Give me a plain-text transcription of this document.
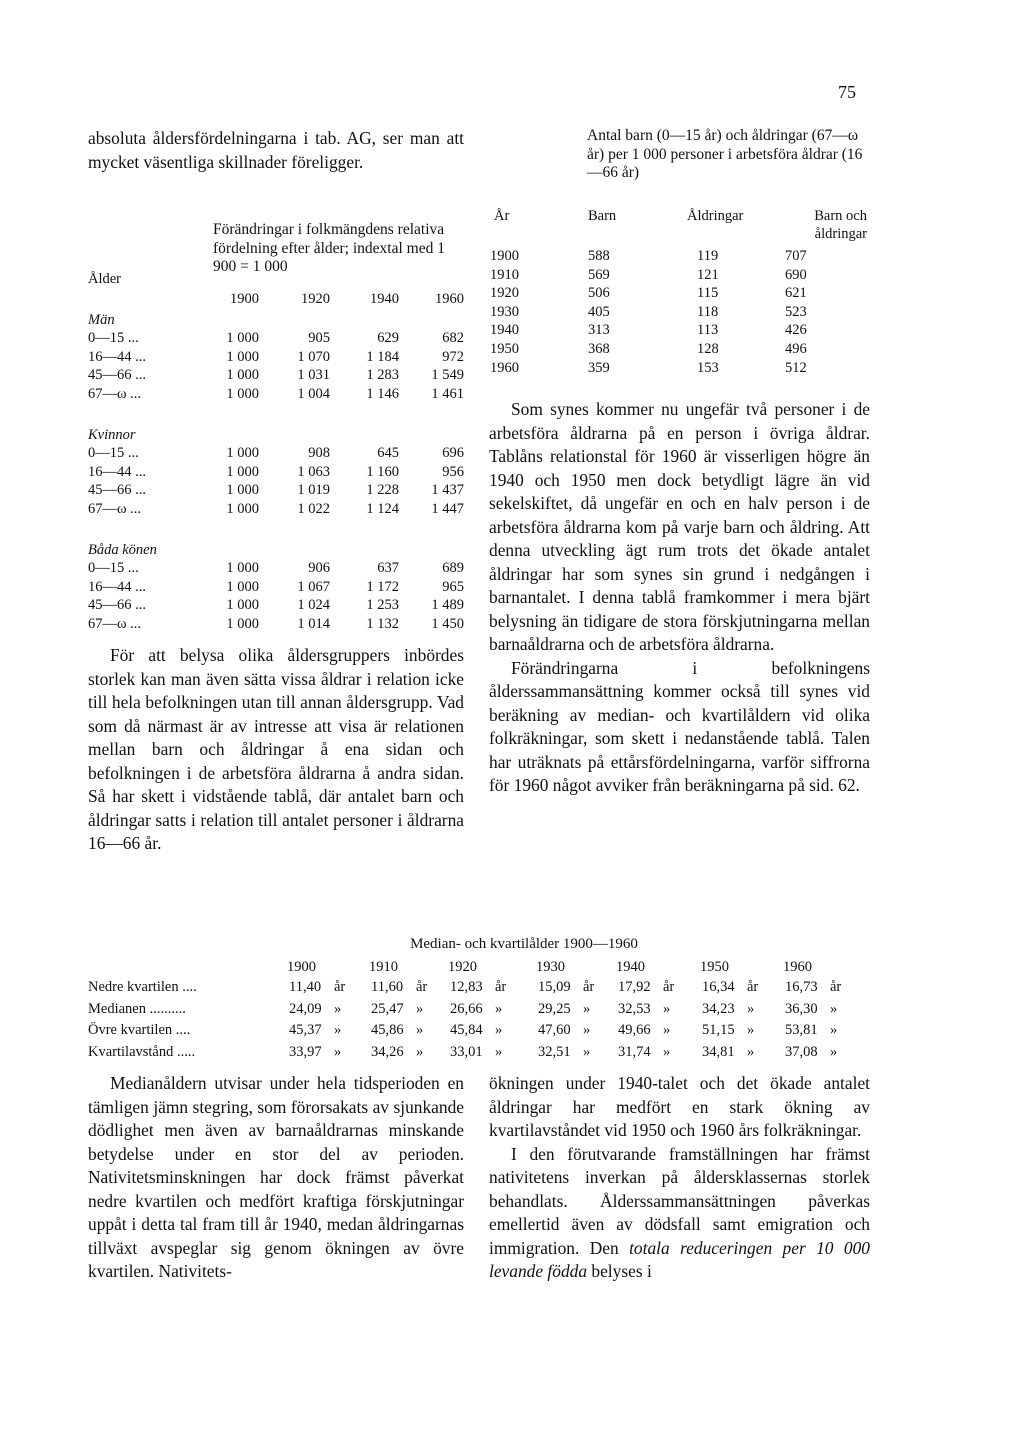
75

absoluta åldersfördelningarna i tab. AG, ser man att mycket väsentliga skillnader föreligger.

Förändringar i folkmängdens relativa fördelning efter ålder; indextal med 1 900 = 1 000
Ålder
1900	1920	1940	1960
Män
0—15 ...	1 000	905	629	682
16—44 ...	1 000	1 070	1 184	972
45—66 ...	1 000	1 031	1 283	1 549
67—ω ...	1 000	1 004	1 146	1 461
Kvinnor
0—15 ...	1 000	908	645	696
16—44 ...	1 000	1 063	1 160	956
45—66 ...	1 000	1 019	1 228	1 437
67—ω ...	1 000	1 022	1 124	1 447
Båda könen
0—15 ...	1 000	906	637	689
16—44 ...	1 000	1 067	1 172	965
45—66 ...	1 000	1 024	1 253	1 489
67—ω ...	1 000	1 014	1 132	1 450

För att belysa olika åldersgruppers inbördes storlek kan man även sätta vissa åldrar i relation icke till hela befolkningen utan till annan åldersgrupp. Vad som då närmast är av intresse att visa är relationen mellan barn och åldringar å ena sidan och befolkningen i de arbetsföra åldrarna å andra sidan. Så har skett i vidstående tablå, där antalet barn och åldringar satts i relation till antalet personer i åldrarna 16—66 år.

Antal barn (0—15 år) och åldringar (67—ω år) per 1 000 personer i arbetsföra åldrar (16—66 år)
År	Barn	Åldringar	Barn och åldringar
1900	588	119	707
1910	569	121	690
1920	506	115	621
1930	405	118	523
1940	313	113	426
1950	368	128	496
1960	359	153	512

Som synes kommer nu ungefär två personer i de arbetsföra åldrarna på en person i övriga åldrar. Tablåns relationstal för 1960 är visserligen högre än 1940 och 1950 men dock betydligt lägre än vid sekelskiftet, då ungefär en och en halv person i de arbetsföra åldrarna kom på varje barn och åldring. Att denna utveckling ägt rum trots det ökade antalet åldringar har som synes sin grund i nedgången i barnantalet. I denna tablå framkommer i mera bjärt belysning än tidigare de stora förskjutningarna mellan barnaåldrarna och de arbetsföra åldrarna.

Förändringarna i befolkningens ålderssammansättning kommer också till synes vid beräkning av median- och kvartilåldern vid olika folkräkningar, som skett i nedanstående tablå. Talen har uträknats på ettårsfördelningarna, varför siffrorna för 1960 något avviker från beräkningarna på sid. 62.

Median- och kvartilålder 1900—1960
1900	1910	1920	1930	1940	1950	1960
Nedre kvartilen ....	11,40 år 11,60 år 12,83 år 15,09 år 17,92 år 16,34 år 16,73 år
Medianen ..........	24,09 » 25,47 » 26,66 » 29,25 » 32,53 » 34,23 » 36,30 »
Övre kvartilen ....	45,37 » 45,86 » 45,84 » 47,60 » 49,66 » 51,15 » 53,81 »
Kvartilavstånd .....	33,97 » 34,26 » 33,01 » 32,51 » 31,74 » 34,81 » 37,08 »

Medianåldern utvisar under hela tidsperioden en tämligen jämn stegring, som förorsakats av sjunkande dödlighet men även av barnaåldrarnas minskande betydelse under en stor del av perioden. Nativitetsminskningen har dock främst påverkat nedre kvartilen och medfört kraftiga förskjutningar uppåt i detta tal fram till år 1940, medan åldringarnas tillväxt avspeglar sig genom ökningen av övre kvartilen. Nativitets-

ökningen under 1940-talet och det ökade antalet åldringar har medfört en stark ökning av kvartilavståndet vid 1950 och 1960 års folkräkningar.

I den förutvarande framställningen har främst nativitetens inverkan på åldersklassernas storlek behandlats. Ålderssammansättningen påverkas emellertid även av dödsfall samt emigration och immigration. Den totala reduceringen per 10 000 levande födda belyses i
